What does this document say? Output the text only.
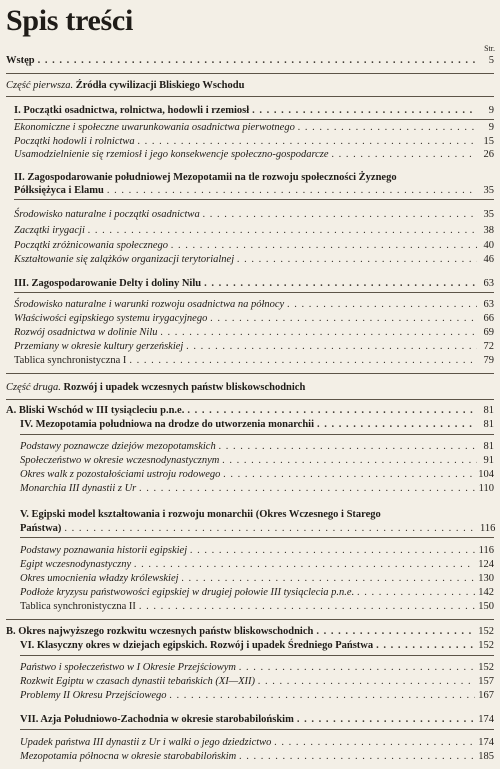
Spis treści
Str.
Wstęp . . .	5
Część pierwsza. Źródła cywilizacji Bliskiego Wschodu
I. Początki osadnictwa, rolnictwa, hodowli i rzemiosł . . .	9
Ekonomiczne i społeczne uwarunkowania osadnictwa pierwotnego . . .	9
Początki hodowli i rolnictwa . . .	15
Usamodzielnienie się rzemiosł i jego konsekwencje społeczno-gospodarcze . . .	26
II. Zagospodarowanie południowej Mezopotamii na tle rozwoju społeczności Żyznego
Półksiężyca i Elamu . . .	35
Środowisko naturalne i początki osadnictwa . . .	35
Zaczątki irygacji . . .	38
Początki zróżnicowania społecznego . . .	40
Kształtowanie się zalążków organizacji terytorialnej . . .	46
III. Zagospodarowanie Delty i doliny Nilu . . .	63
Środowisko naturalne i warunki rozwoju osadnictwa na północy . . .	63
Właściwości egipskiego systemu irygacyjnego . . .	66
Rozwój osadnictwa w dolinie Nilu . . .	69
Przemiany w okresie kultury gerzeńskiej . . .	72
Tablica synchronistyczna I . . .	79
Część druga. Rozwój i upadek wczesnych państw bliskowschodnich
A. Bliski Wschód w III tysiącleciu p.n.e. . . .	81
IV. Mezopotamia południowa na drodze do utworzenia monarchii . . .	81
Podstawy poznawcze dziejów mezopotamskich . . .	81
Społeczeństwo w okresie wczesnodynastycznym . . .	91
Okres walk z pozostałościami ustroju rodowego . . .	104
Monarchia III dynastii z Ur . . .	110
V. Egipski model kształtowania i rozwoju monarchii (Okres Wczesnego i Starego
Państwa) . . .	116
Podstawy poznawania historii egipskiej . . .	116
Egipt wczesnodynastyczny . . .	124
Okres umocnienia władzy królewskiej . . .	130
Podłoże kryzysu państwowości egipskiej w drugiej połowie III tysiąclecia p.n.e. . . .	142
Tablica synchronistyczna II . . .	150
B. Okres najwyższego rozkwitu wczesnych państw bliskowschodnich . . .	152
VI. Klasyczny okres w dziejach egipskich. Rozwój i upadek Średniego Państwa . . .	152
Państwo i społeczeństwo w I Okresie Przejściowym . . .	152
Rozkwit Egiptu w czasach dynastii tebańskich (XI—XII) . . .	157
Problemy II Okresu Przejściowego . . .	167
VII. Azja Południowo-Zachodnia w okresie starobabilońskim . . .	174
Upadek państwa III dynastii z Ur i walki o jego dziedzictwo . . .	174
Mezopotamia północna w okresie starobabilońskim . . .	185
